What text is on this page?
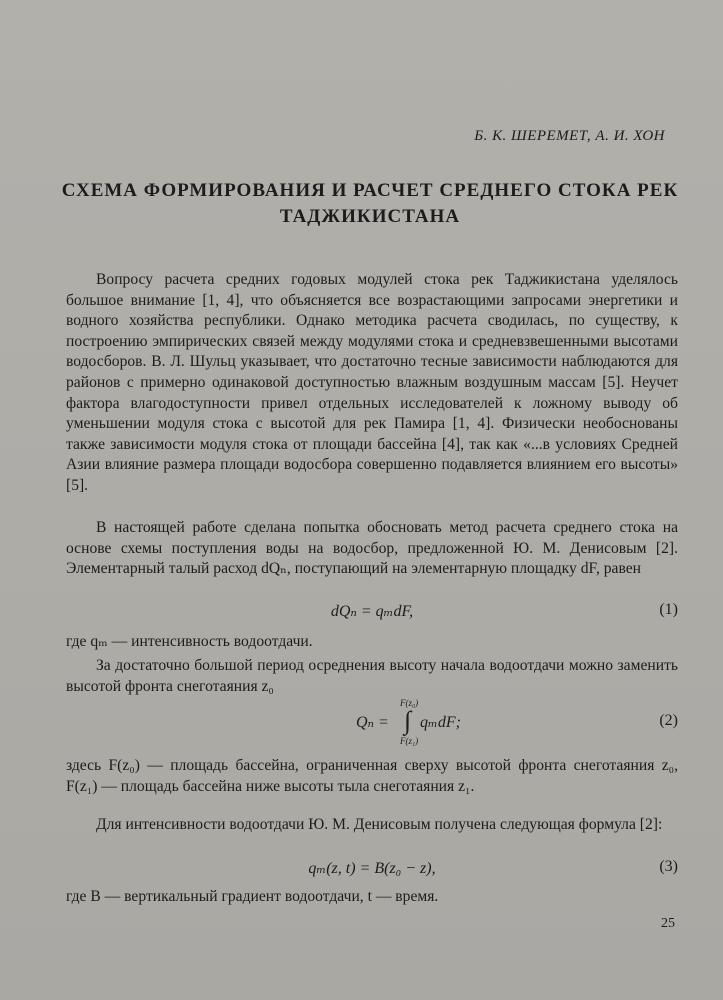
Б. К. ШЕРЕМЕТ, А. И. ХОН
СХЕМА ФОРМИРОВАНИЯ И РАСЧЕТ СРЕДНЕГО СТОКА РЕК
ТАДЖИКИСТАНА
Вопросу расчета средних годовых модулей стока рек Таджикистана уделялось большое внимание [1, 4], что объясняется все возрастающими запросами энергетики и водного хозяйства республики. Однако методика расчета сводилась, по существу, к построению эмпирических связей между модулями стока и средневзвешенными высотами водосборов. В. Л. Шульц указывает, что достаточно тесные зависимости наблюдаются для районов с примерно одинаковой доступностью влажным воздушным массам [5]. Неучет фактора влагодоступности привел отдельных исследователей к ложному выводу об уменьшении модуля стока с высотой для рек Памира [1, 4]. Физически необоснованы также зависимости модуля стока от площади бассейна [4], так как «...в условиях Средней Азии влияние размера площади водосбора совершенно подавляется влиянием его высоты» [5].
В настоящей работе сделана попытка обосновать метод расчета среднего стока на основе схемы поступления воды на водосбор, предложенной Ю. М. Денисовым [2]. Элементарный талый расход dQₙ, поступающий на элементарную площадку dF, равен
dQₙ = qₘdF,	(1)
где qₘ — интенсивность водоотдачи.
За достаточно большой период осреднения высоту начала водоотдачи можно заменить высотой фронта снеготаяния z₀
Qₙ =
F(z₀)
∫
F(z₁)
qₘdF;	(2)
здесь F(z₀) — площадь бассейна, ограниченная сверху высотой фронта снеготаяния z₀, F(z₁) — площадь бассейна ниже высоты тыла снеготаяния z₁.
Для интенсивности водоотдачи Ю. М. Денисовым получена следующая формула [2]:
qₘ(z, t) = B(z₀ − z),	(3)
где B — вертикальный градиент водоотдачи, t — время.
25
